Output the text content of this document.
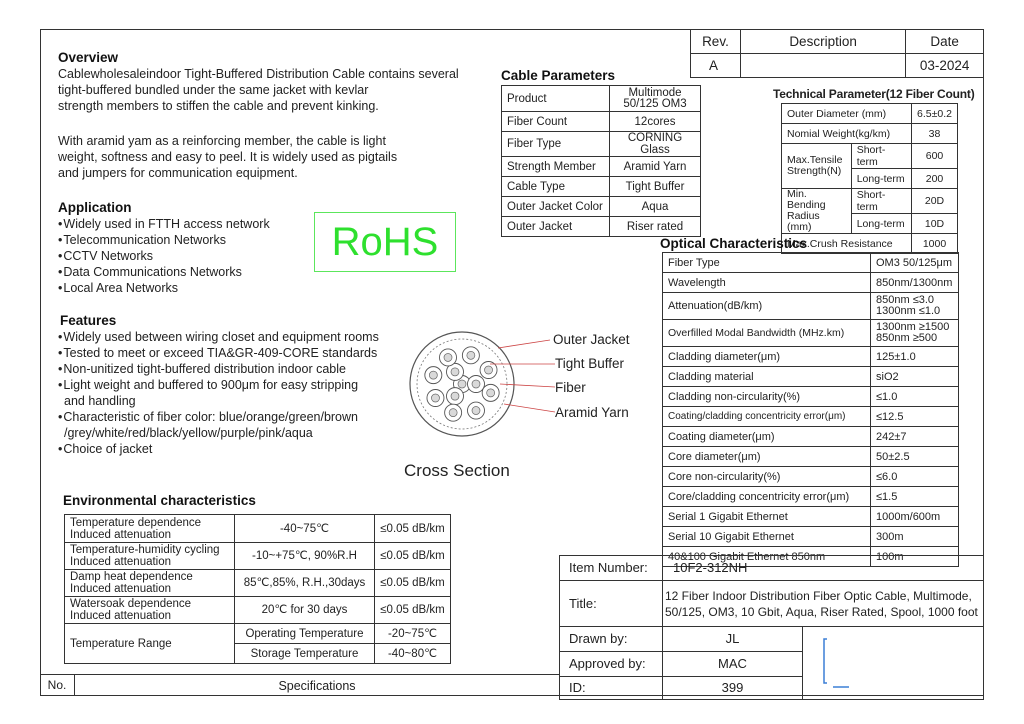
Overview
Cablewholesaleindoor Tight-Buffered Distribution Cable contains several
tight-buffered bundled under the same jacket with kevlar
strength members to stiffen the cable and prevent kinking.
With aramid yam as a reinforcing member, the cable is light
weight, softness and easy to peel. It is widely used as pigtails
and jumpers for communication equipment.
Application
• Widely used in FTTH access network
• Telecommunication Networks
• CCTV Networks
• Data Communications Networks
• Local Area Networks
RoHS
Features
• Widely used between wiring closet and equipment rooms
• Tested to meet or exceed TIA&GR-409-CORE standards
• Non-unitized tight-buffered distribution indoor cable
• Light weight and buffered to 900μm for easy stripping
and handling
• Characteristic of fiber color: blue/orange/green/brown
/grey/white/red/black/yellow/purple/pink/aqua
• Choice of jacket
Outer Jacket
Tight Buffer
Fiber
Aramid Yarn
Cross Section
Rev.	Description	Date
A		03-2024
Cable Parameters
Product	Multimode
50/125 OM3
Fiber Count	12cores
Fiber Type	CORNING Glass
Strength Member	Aramid Yarn
Cable Type	Tight Buffer
Outer Jacket Color	Aqua
Outer Jacket	Riser rated
Technical Parameter(12 Fiber Count)
Outer Diameter (mm)		6.5±0.2
Nomial Weight(kg/km)		38
Max.Tensile Strength(N)	Short-term	600
	Long-term	200
Min. Bending Radius (mm)	Short-term	20D
	Long-term	10D
Max.Crush Resistance		1000
Optical Characteristics
Fiber Type	OM3 50/125μm
Wavelength	850nm/1300nm
Attenuation(dB/km)	850nm ≤3.0
1300nm ≤1.0
Overfilled Modal Bandwidth (MHz.km)	1300nm ≥1500
850nm ≥500
Cladding diameter(μm)	125±1.0
Cladding material	siO2
Cladding non-circularity(%)	≤1.0
Coating/cladding concentricity error(μm)	≤12.5
Coating diameter(μm)	242±7
Core diameter(μm)	50±2.5
Core non-circularity(%)	≤6.0
Core/cladding concentricity error(μm)	≤1.5
Serial 1 Gigabit Ethernet	1000m/600m
Serial 10 Gigabit Ethernet	300m
40&100 Gigabit Ethernet 850nm	100m
Environmental characteristics
Temperature dependence
Induced attenuation	-40~75℃	≤0.05 dB/km
Temperature-humidity cycling
Induced attenuation	-10~+75℃, 90%R.H	≤0.05 dB/km
Damp heat dependence
Induced attenuation	85℃,85%, R.H.,30days	≤0.05 dB/km
Watersoak dependence
Induced attenuation	20℃ for 30 days	≤0.05 dB/km
Temperature Range	Operating Temperature	-20~75℃
	Storage Temperature	-40~80℃
Item Number:	10F2-312NH	
Title:	12 Fiber Indoor Distribution Fiber Optic Cable, Multimode, 50/125, OM3, 10 Gbit, Aqua, Riser Rated, Spool, 1000 foot	
Drawn by:	JL	

Approved by:	MAC	
ID:	399	
No.	Specifications
